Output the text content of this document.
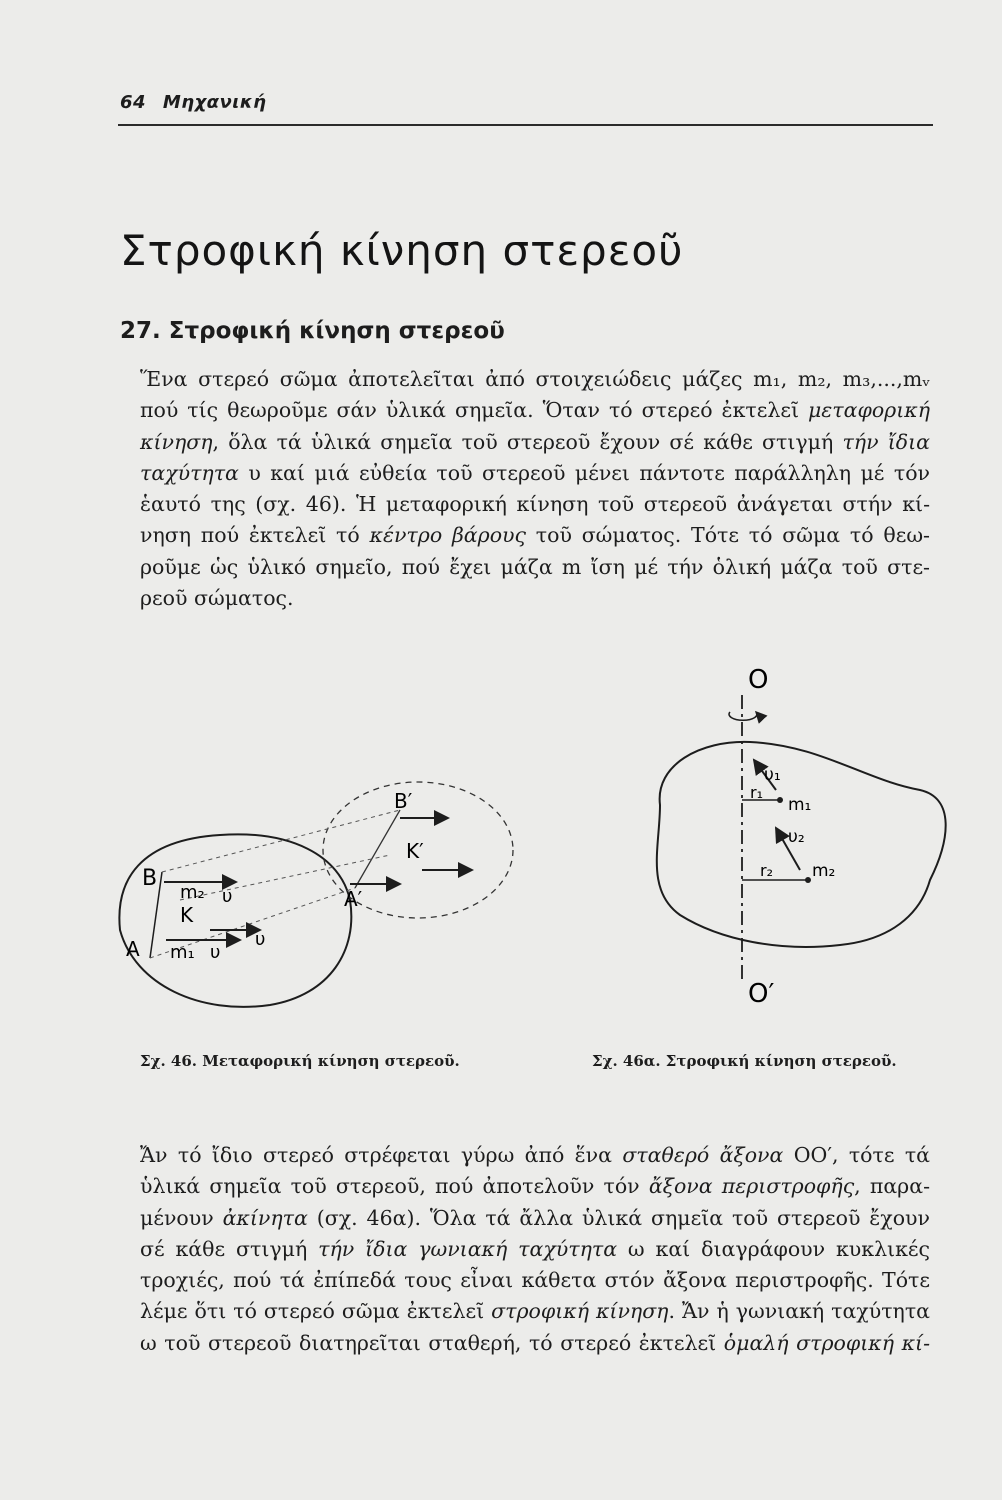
64 Μηχανική
Στροφική κίνηση στερεοῦ
27. Στροφική κίνηση στερεοῦ
Ἕνα στερεό σῶμα ἀποτελεῖται ἀπό στοιχειώδεις μάζες m₁, m₂, m₃,...,mᵥ
πού τίς θεωροῦμε σάν ὑλικά σημεῖα. Ὅταν τό στερεό ἐκτελεῖ μεταφορική
κίνηση, ὅλα τά ὑλικά σημεῖα τοῦ στερεοῦ ἔχουν σέ κάθε στιγμή τήν ἴδια
ταχύτητα υ καί μιά εὐθεία τοῦ στερεοῦ μένει πάντοτε παράλληλη μέ τόν
ἑαυτό της (σχ. 46). Ἡ μεταφορική κίνηση τοῦ στερεοῦ ἀνάγεται στήν κί-
νηση πού ἐκτελεῖ τό κέντρο βάρους τοῦ σώματος. Τότε τό σῶμα τό θεω-
ροῦμε ὡς ὑλικό σημεῖο, πού ἔχει μάζα m ἴση μέ τήν ὁλική μάζα τοῦ στε-
ρεοῦ σώματος.
B
A
K
m₂
m₁
υ
υ
υ
B′
K′
A′
O
O′
υ₁
r₁
m₁
υ₂
r₂ m₂
Σχ. 46. Μεταφορική κίνηση στερεοῦ.	Σχ. 46α. Στροφική κίνηση στερεοῦ.
Ἄν τό ἴδιο στερεό στρέφεται γύρω ἀπό ἕνα σταθερό ἄξονα ΟΟ′, τότε τά
ὑλικά σημεῖα τοῦ στερεοῦ, πού ἀποτελοῦν τόν ἄξονα περιστροφῆς, παρα-
μένουν ἀκίνητα (σχ. 46α). Ὅλα τά ἄλλα ὑλικά σημεῖα τοῦ στερεοῦ ἔχουν
σέ κάθε στιγμή τήν ἴδια γωνιακή ταχύτητα ω καί διαγράφουν κυκλικές
τροχιές, πού τά ἐπίπεδά τους εἶναι κάθετα στόν ἄξονα περιστροφῆς. Τότε
λέμε ὅτι τό στερεό σῶμα ἐκτελεῖ στροφική κίνηση. Ἄν ἡ γωνιακή ταχύτητα
ω τοῦ στερεοῦ διατηρεῖται σταθερή, τό στερεό ἐκτελεῖ ὁμαλή στροφική κί-
